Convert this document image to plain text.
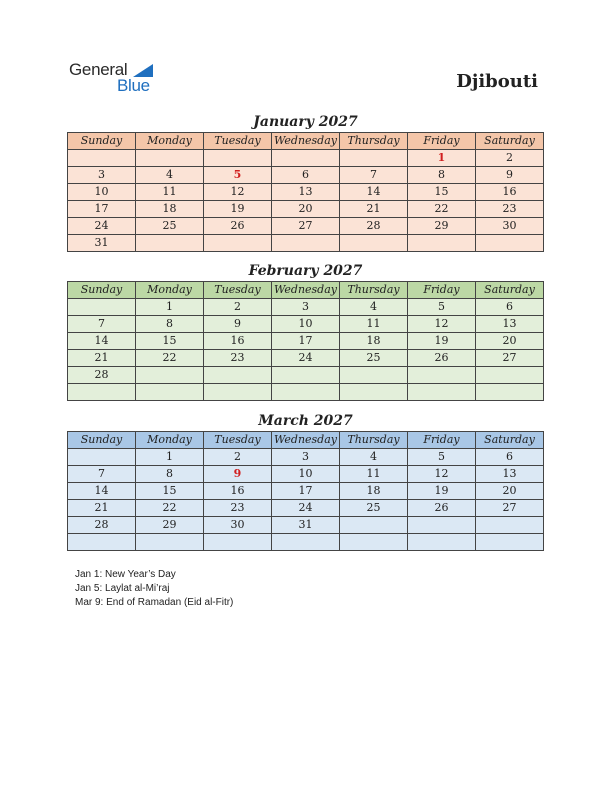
General
Blue	Djibouti
January 2027
Sunday	Monday	Tuesday	Wednesday	Thursday	Friday	Saturday
					1	2
3	4	5	6	7	8	9
10	11	12	13	14	15	16
17	18	19	20	21	22	23
24	25	26	27	28	29	30
31						
February 2027
Sunday	Monday	Tuesday	Wednesday	Thursday	Friday	Saturday
	1	2	3	4	5	6
7	8	9	10	11	12	13
14	15	16	17	18	19	20
21	22	23	24	25	26	27
28						

March 2027
Sunday	Monday	Tuesday	Wednesday	Thursday	Friday	Saturday
	1	2	3	4	5	6
7	8	9	10	11	12	13
14	15	16	17	18	19	20
21	22	23	24	25	26	27
28	29	30	31			

Jan 1: New Year’s Day
Jan 5: Laylat al-Mi’raj
Mar 9: End of Ramadan (Eid al-Fitr)
